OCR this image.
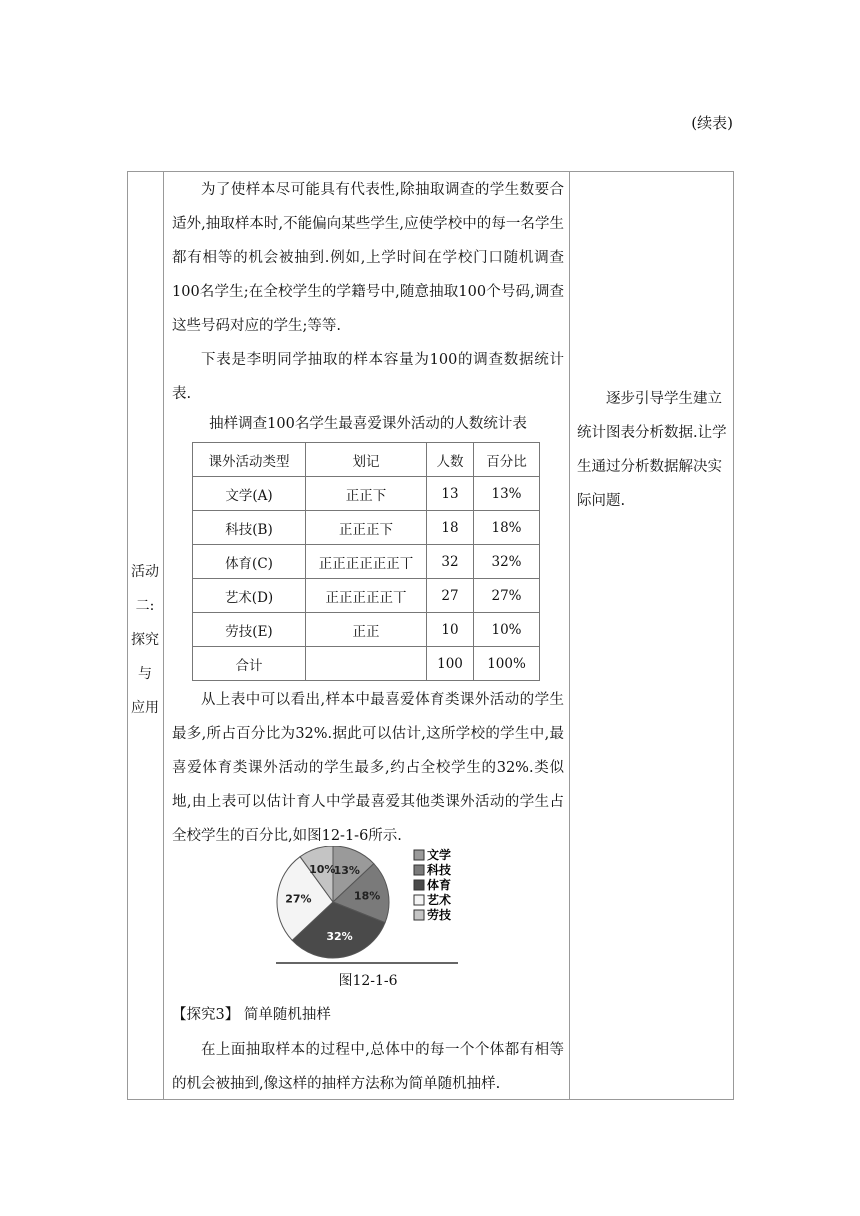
(续表)
活动
二:
探究
与
应用
为了使样本尽可能具有代表性,除抽取调查的学生数要合适外,抽取样本时,不能偏向某些学生,应使学校中的每一名学生都有相等的机会被抽到.例如,上学时间在学校门口随机调查100名学生;在全校学生的学籍号中,随意抽取100个号码,调查这些号码对应的学生;等等.
下表是李明同学抽取的样本容量为100的调查数据统计表.
抽样调查100名学生最喜爱课外活动的人数统计表
课外活动类型	划记	人数	百分比
文学(A)	正正下	13	13%
科技(B)	正正正下	18	18%
体育(C)	正正正正正正丅	32	32%
艺术(D)	正正正正正丅	27	27%
劳技(E)	正正	10	10%
合计		100	100%
从上表中可以看出,样本中最喜爱体育类课外活动的学生最多,所占百分比为32%.据此可以估计,这所学校的学生中,最喜爱体育类课外活动的学生最多,约占全校学生的32%.类似地,由上表可以估计育人中学最喜爱其他类课外活动的学生占全校学生的百分比,如图12-1-6所示.
13%
18%
32%
27%
10%
文学
科技
体育
艺术
劳技
图12-1-6
【探究3】 简单随机抽样
在上面抽取样本的过程中,总体中的每一个个体都有相等的机会被抽到,像这样的抽样方法称为简单随机抽样.
逐步引导学生建立统计图表分析数据.让学生通过分析数据解决实际问题.
